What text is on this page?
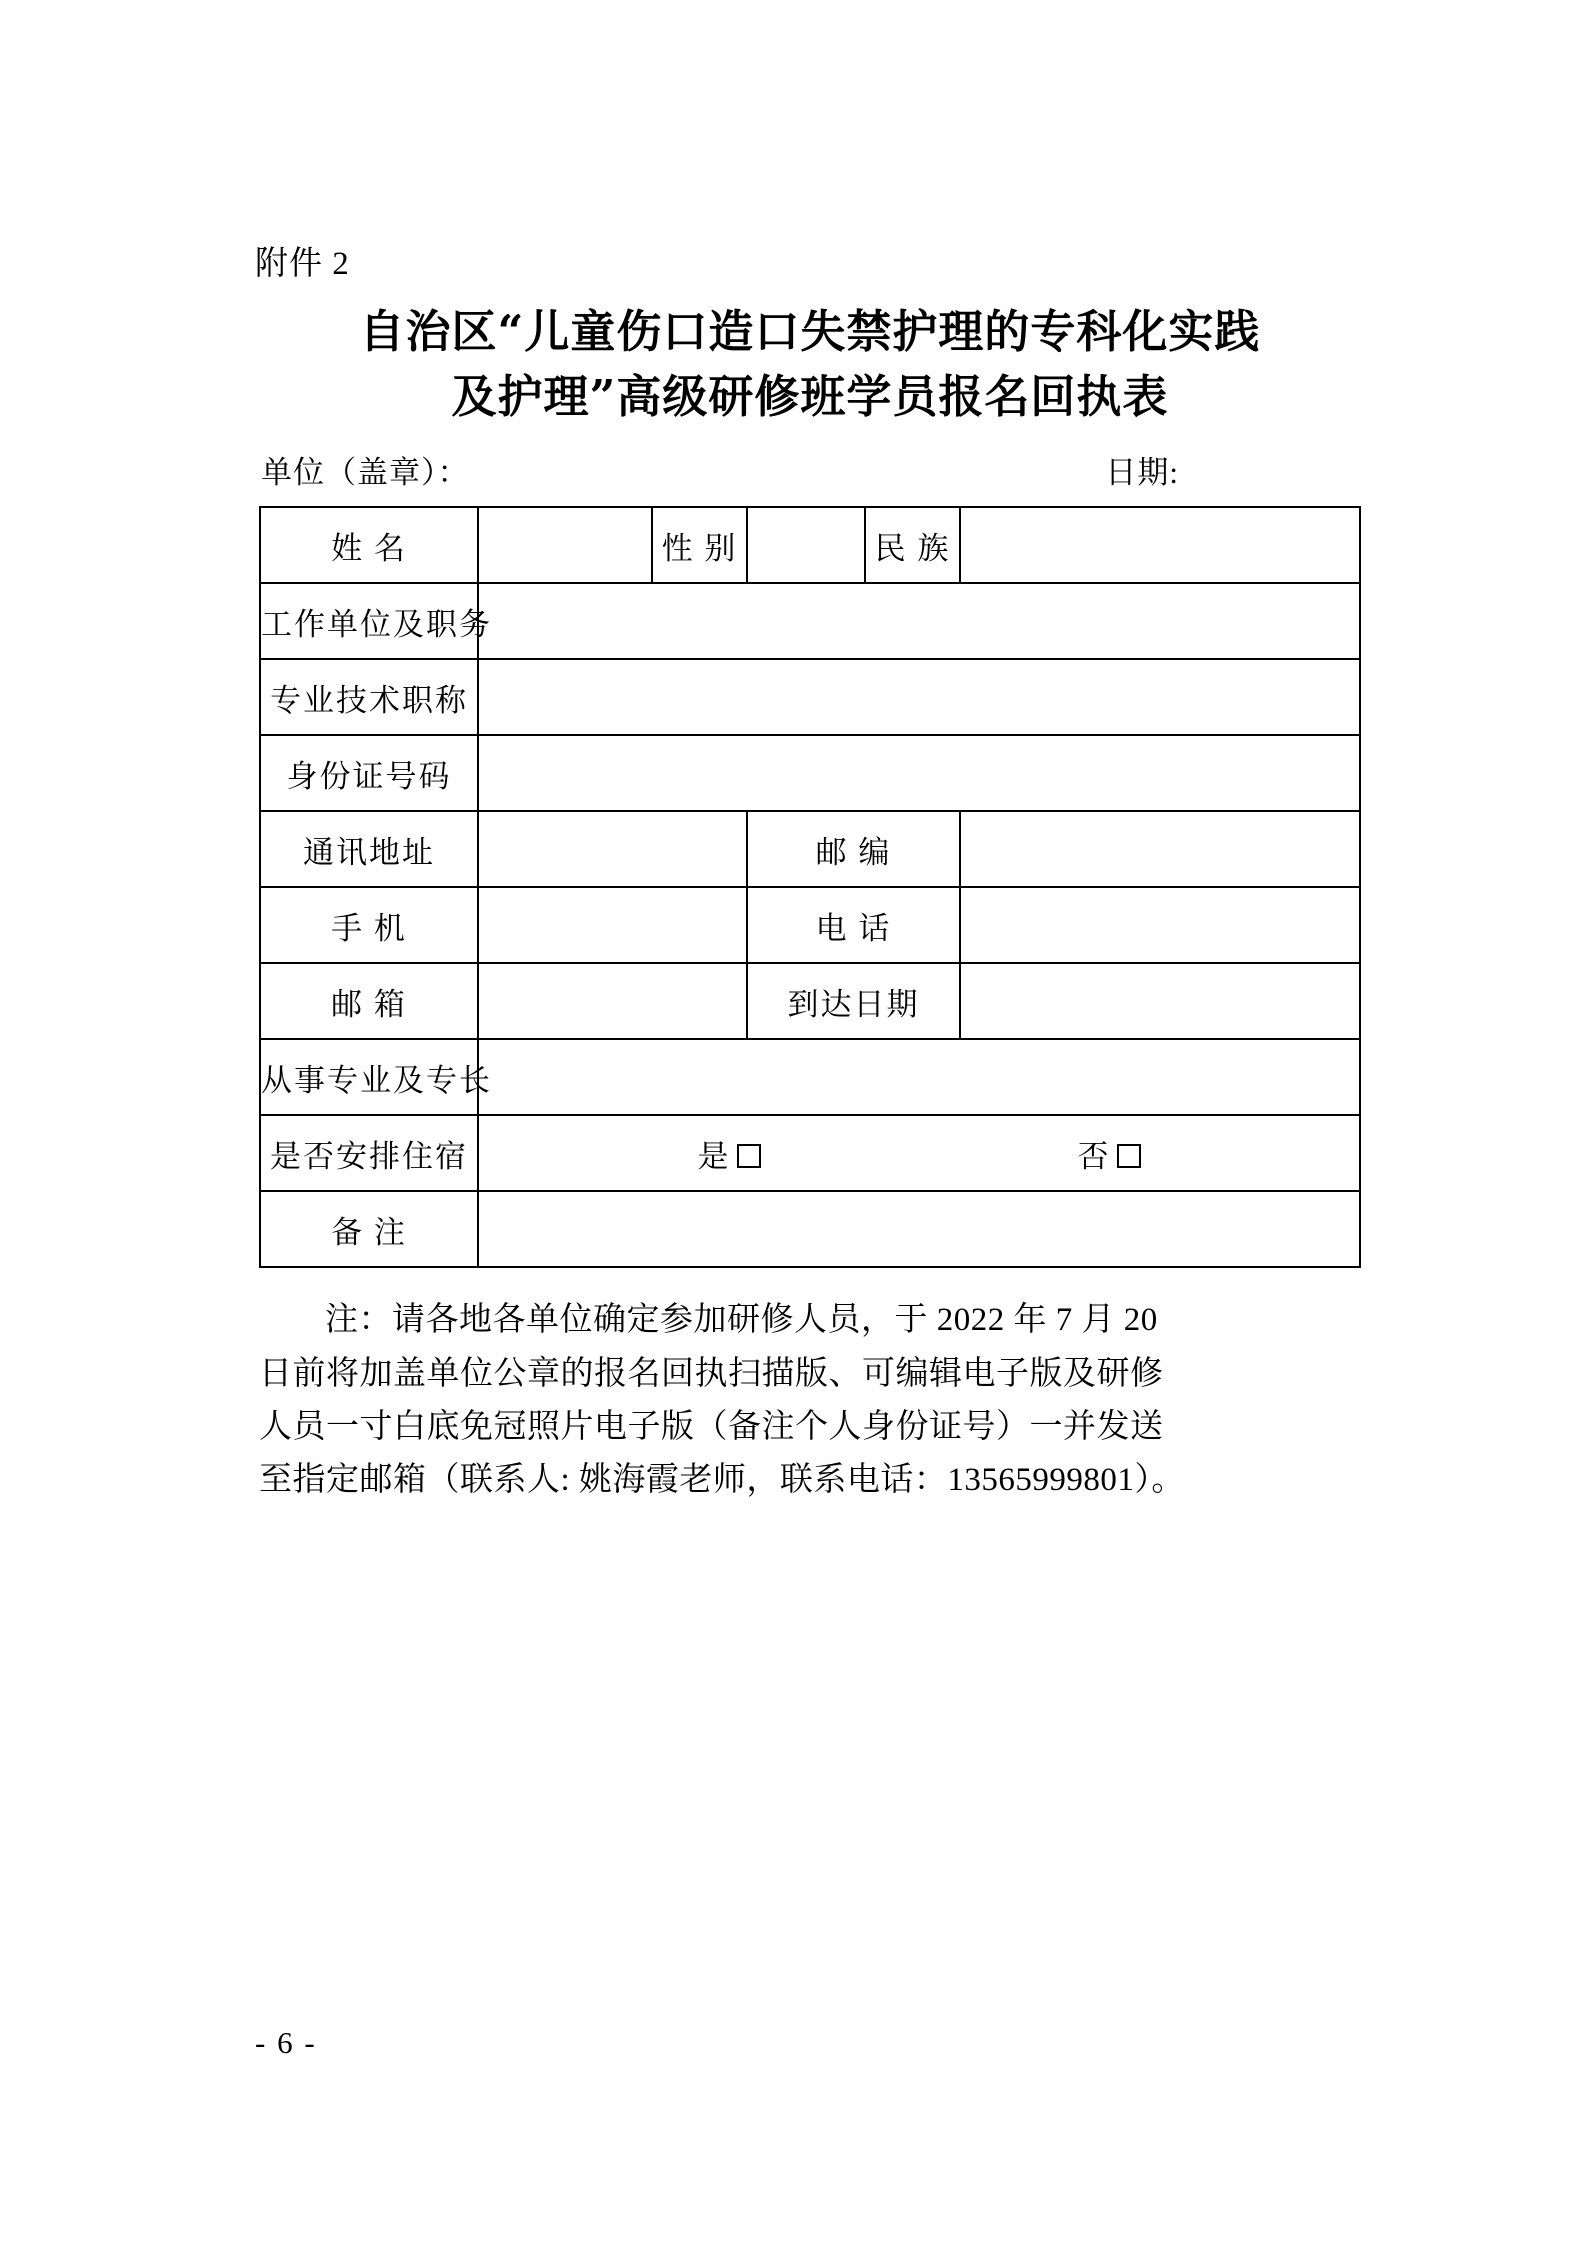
附件 2
自治区“儿童伤口造口失禁护理的专科化实践
及护理”高级研修班学员报名回执表
单位（盖章）：	日期:
姓 名		性 别		民 族	
工作单位及职务					
专业技术职称					
身份证号码					
通讯地址			邮 编		
手 机			电 话		
邮 箱			到达日期		
从事专业及专长					
是否安排住宿	是 否				

备 注					
注：请各地各单位确定参加研修人员，于 2022 年 7 月 20
日前将加盖单位公章的报名回执扫描版、可编辑电子版及研修
人员一寸白底免冠照片电子版（备注个人身份证号）一并发送
至指定邮箱（联系人: 姚海霞老师，联系电话：13565999801）。
- 6 -
